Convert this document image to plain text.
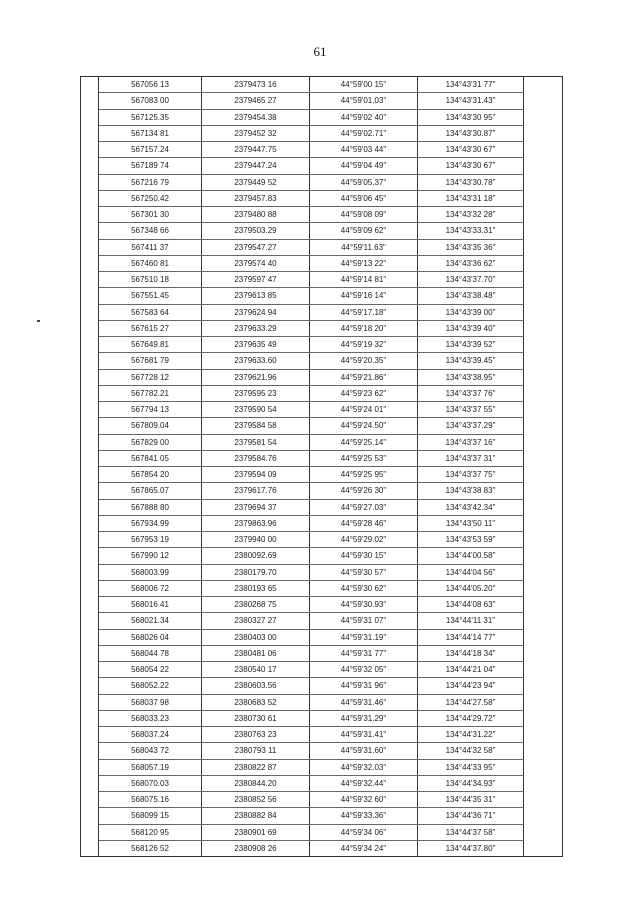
61
	567056 13	2379473 16	44°59'00 15"	134°43'31 77"	
	567083 00	2379465 27	44°59'01.03"	134°43'31.43"	
	567125.35	2379454.38	44°59'02 40"	134°43'30 95"	
	567134 81	2379452 32	44°59'02.71"	134°43'30.87"	
	567157.24	2379447.75	44°59'03 44"	134°43'30 67"	
	567189 74	2379447.24	44°59'04 49"	134°43'30 67"	
	567216 79	2379449 52	44°59'05.37"	134°43'30.78"	
	567250.42	2379457.83	44°59'06 45"	134°43'31 18"	
	567301 30	2379480 88	44°59'08 09"	134°43'32 28"	
	567348 66	2379503.29	44°59'09 62"	134°43'33.31"	
	567411 37	2379547.27	44°59'11.63"	134°43'35 36"	
	567460 81	2379574 40	44°59'13 22"	134°43'36 62"	
	567510 18	2379597 47	44°59'14 81"	134°43'37.70"	
	567551.45	2379613 85	44°59'16 14"	134°43'38.48"	
	567583 64	2379624 94	44°59'17.18"	134°43'39 00"	
	567615 27	2379633.29	44°59'18 20"	134°43'39 40"	
	567649.81	2379635 49	44°59'19 32"	134°43'39 52"	
	567681 79	2379633.60	44°59'20.35"	134°43'39.45"	
	567728 12	2379621.96	44°59'21.86"	134°43'38.95"	
	567782.21	2379595 23	44°59'23 62"	134°43'37 76"	
	567794 13	2379590 54	44°59'24 01"	134°43'37 55"	
	567809.04	2379584 58	44°59'24.50"	134°43'37.29"	
	567829 00	2379581 54	44°59'25.14"	134°43'37 16"	
	567841 05	2379584.76	44°59'25 53"	134°43'37 31"	
	567854 20	2379594 09	44°59'25 95"	134°43'37 75"	
	567865.07	2379617.76	44°59'26 30"	134°43'38 83"	
	567888 80	2379694 37	44°59'27.03"	134°43'42.34"	
	567934.99	2379863.96	44°59'28 46"	134°43'50 11"	
	567953 19	2379940 00	44°59'29.02"	134°43'53 59"	
	567990 12	2380092.69	44°59'30 15"	134°44'00.58"	
	568003.99	2380179.70	44°59'30 57"	134°44'04 56"	
	568006 72	2380193 65	44°59'30 62"	134°44'05.20"	
	568016 41	2380268 75	44°59'30.93"	134°44'08 63"	
	568021.34	2380327 27	44°59'31 07"	134°44'11 31"	
	568026 04	2380403 00	44°59'31.19"	134°44'14 77"	
	568044 78	2380481 06	44°59'31 77"	134°44'18 34"	
	568054 22	2380540 17	44°59'32 05"	134°44'21 04"	
	568052.22	2380603.56	44°59'31 96"	134°44'23 94"	
	568037 98	2380683 52	44°59'31.46"	134°44'27.58"	
	568033.23	2380730 61	44°59'31.29"	134°44'29.72"	
	568037.24	2380763 23	44°59'31.41"	134°44'31.22"	
	568043 72	2380793 11	44°59'31.60"	134°44'32 58"	
	568057.19	2380822 87	44°59'32.03"	134°44'33 95"	
	568070.03	2380844.20	44°59'32.44"	134°44'34.93"	
	568075.16	2380852 56	44°59'32 60"	134°44'35 31"	
	568099 15	2380882 84	44°59'33.36"	134°44'36 71"	
	568120 95	2380901 69	44°59'34 06"	134°44'37 58"	
	568126 52	2380908 26	44°59'34 24"	134°44'37.80"	
